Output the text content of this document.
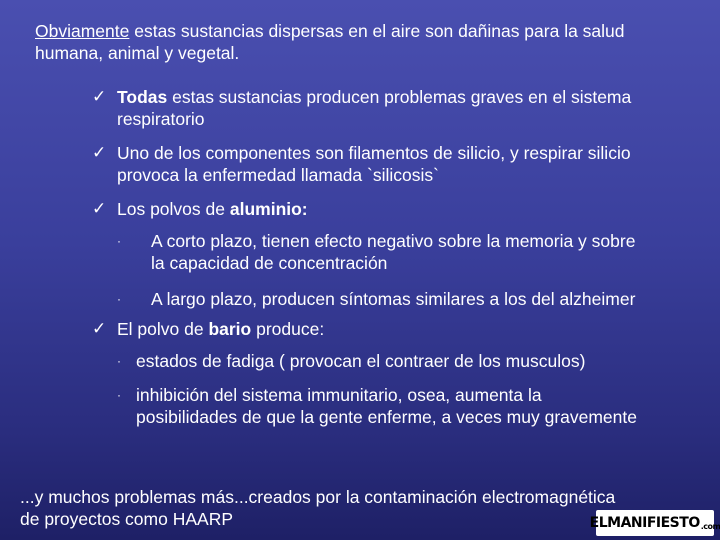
Obviamente estas sustancias dispersas en el aire son dañinas para la salud
humana, animal y vegetal.

✓ Todas estas sustancias producen problemas graves en el sistema
respiratorio

✓ Uno de los componentes son filamentos de silicio, y respirar silicio
provoca la enfermedad llamada `silicosis`

✓ Los polvos de aluminio:

· A corto plazo, tienen efecto negativo sobre la memoria y sobre
la capacidad de concentración

· A largo plazo, producen síntomas similares a los del alzheimer

✓ El polvo de bario produce:

· estados de fadiga ( provocan el contraer de los musculos)

· inhibición del sistema immunitario, osea, aumenta la
posibilidades de que la gente enferme, a veces muy gravemente

...y muchos problemas más...creados por la contaminación electromagnética
de proyectos como HAARP	ELMANIFIESTO .com
